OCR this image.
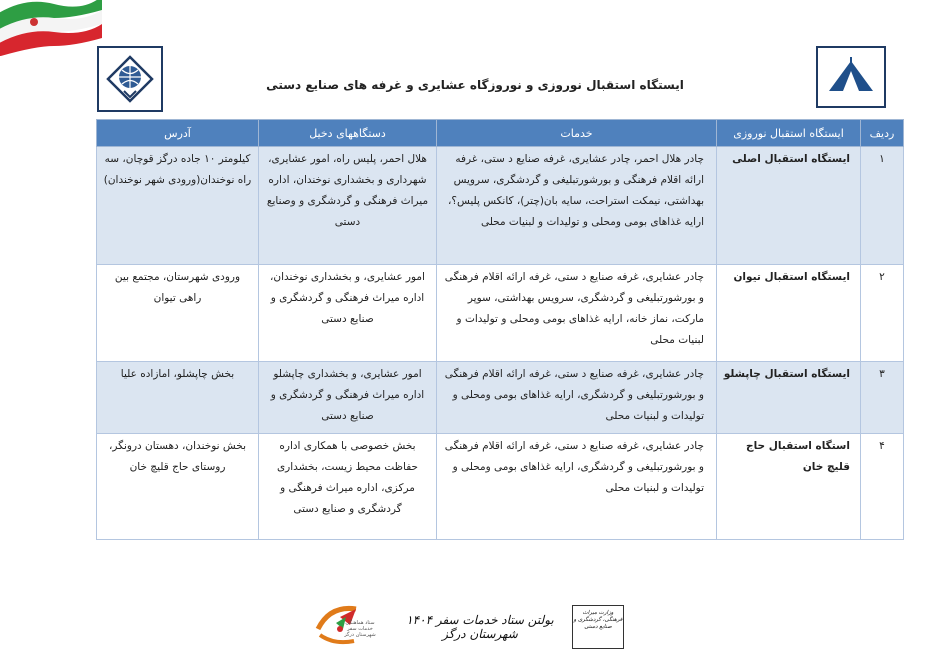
ایستگاه استقبال نوروزی و نوروزگاه عشایری و غرفه های صنایع دستی
ردیف	ایستگاه استقبال نوروزی	خدمات	دستگاههای دخیل	آدرس
۱	ایستگاه استقبال اصلی	چادر هلال احمر، چادر عشایری، غرفه صنایع د ستی، غرفه ارائه اقلام فرهنگی و بورشورتبلیغی و گردشگری، سرویس بهداشتی، نیمکت استراحت، سایه بان(چتر)، کانکس پلیس؟، ارایه غذاهای بومی ومحلی و تولیدات و لبنیات محلی	هلال احمر، پلیس راه، امور عشایری، شهرداری و بخشداری نوخندان، اداره میراث فرهنگی و گردشگری و وصنایع دستی	کیلومتر ۱۰ جاده درگز قوچان، سه راه نوخندان(ورودی شهر نوخندان)
۲	ایستگاه استقبال تیوان	چادر عشایری، غرفه صنایع د ستی، غرفه ارائه اقلام فرهنگی و بورشورتبلیغی و گردشگری، سرویس بهداشتی، سوپر مارکت، نماز خانه، ارایه غذاهای بومی ومحلی و تولیدات و لبنیات محلی	امور عشایری، و بخشداری نوخندان، اداره میراث فرهنگی و گردشگری و صنایع دستی	ورودی شهرستان، مجتمع بین راهی تیوان
۳	ایستگاه استقبال چاپشلو	چادر عشایری، غرفه صنایع د ستی، غرفه ارائه اقلام فرهنگی و بورشورتبلیغی و گردشگری، ارایه غذاهای بومی ومحلی و تولیدات و لبنیات محلی	امور عشایری، و بخشداری چاپشلو اداره میراث فرهنگی و گردشگری و صنایع دستی	بخش چاپشلو، امازاده علیا
۴	استگاه استقبال حاج قلیچ خان	چادر عشایری، غرفه صنایع د ستی، غرفه ارائه اقلام فرهنگی و بورشورتبلیغی و گردشگری، ارایه غذاهای بومی ومحلی و تولیدات و لبنیات محلی	بخش خصوصی با همکاری اداره حفاظت محیط زیست، بخشداری مرکزی، اداره میراث فرهنگی و گردشگری و صنایع دستی	بخش نوخندان، دهستان درونگر، روستای حاج قلیچ خان
ستاد هماهنگی خدمات سفر شهرستان درگز
بولتن ستاد خدمات سفر ۱۴۰۴ شهرستان درگز
وزارت میراث فرهنگی، گردشگری و صنایع دستی
